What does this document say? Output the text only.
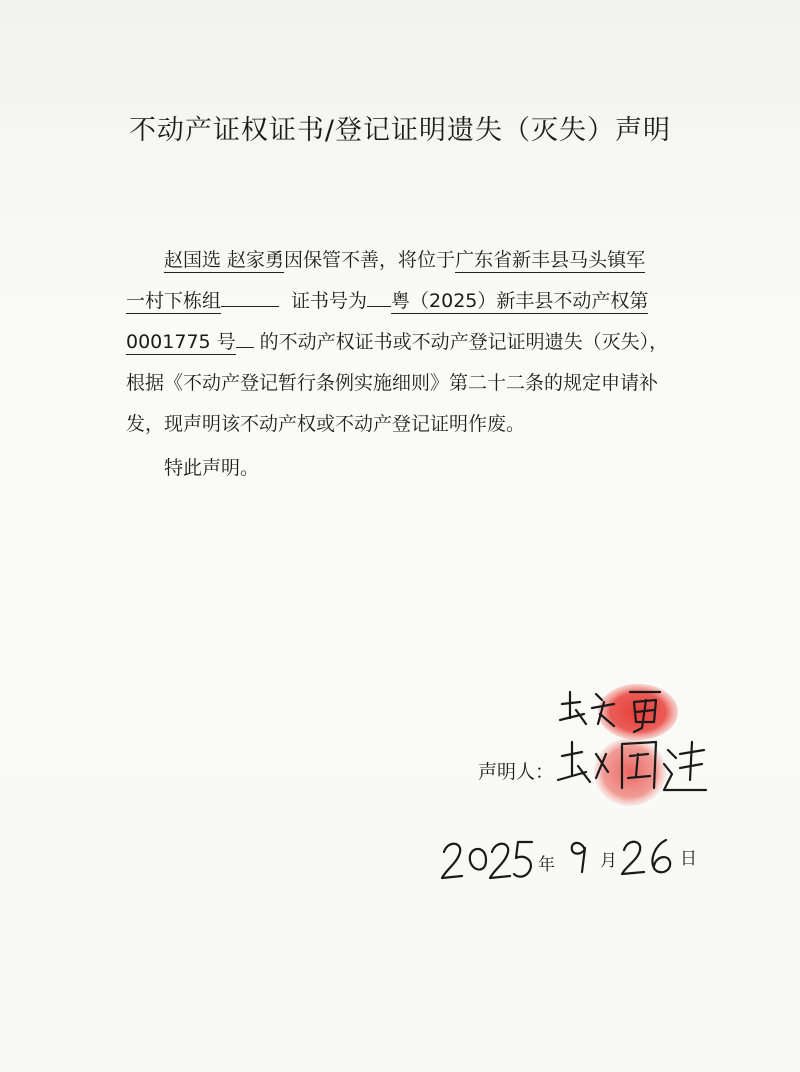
不动产证权证书/登记证明遗失（灭失）声明
赵国选 赵家勇因保管不善，将位于广东省新丰县马头镇军
一村下栋组	证书号为 粤（2025）新丰县不动产权第
0001775 号 的不动产权证书或不动产登记证明遗失（灭失），
根据《不动产登记暂行条例实施细则》第二十二条的规定申请补
发，现声明该不动产权或不动产登记证明作废。
特此声明。
声明人：
年	月	日
